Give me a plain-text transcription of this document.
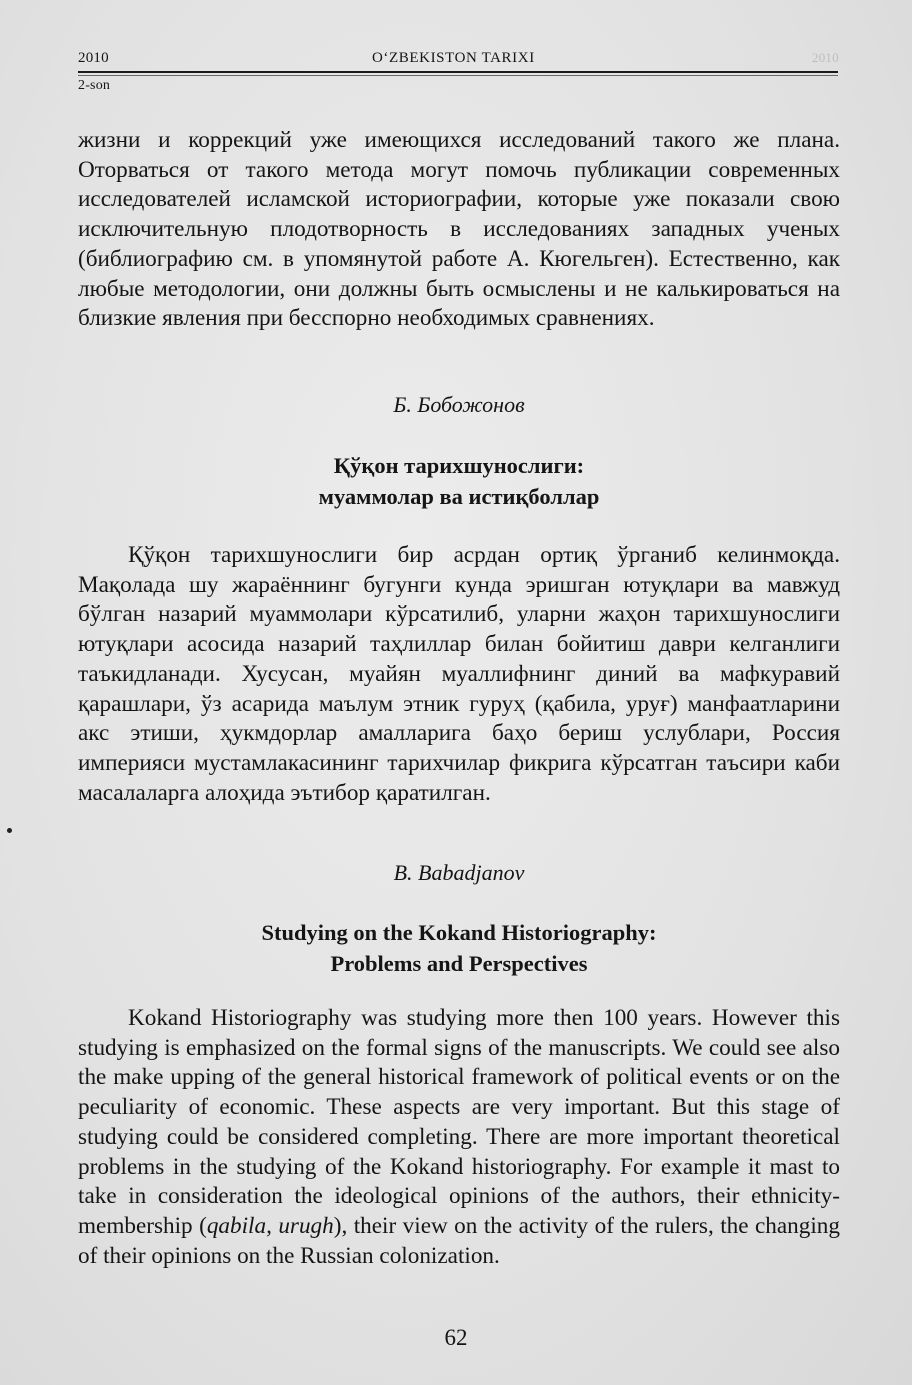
2010	O‘ZBEKISTON TARIXI	2010
2-son

жизни и коррекций уже имеющихся исследований такого же плана. Оторваться от такого метода могут помочь публикации современных исследователей исламской историографии, которые уже показали свою исключительную плодотворность в исследованиях западных ученых (библиографию см. в упомянутой работе А. Кюгельген). Естественно, как любые методологии, они должны быть осмыслены и не калькироваться на близкие явления при бесспорно необходимых сравнениях.

Б. Бобожонов

Қўқон тарихшунослиги:
муаммолар ва истиқболлар

Қўқон тарихшунослиги бир асрдан ортиқ ўрганиб келинмоқда. Мақолада шу жараённинг бугунги кунда эришган ютуқлари ва мавжуд бўлган назарий муаммолари кўрсатилиб, уларни жаҳон тарихшунослиги ютуқлари асосида назарий таҳлиллар билан бойитиш даври келганлиги таъкидланади. Хусусан, муайян муаллифнинг диний ва мафкуравий қарашлари, ўз асарида маълум этник гуруҳ (қабила, уруғ) манфаатларини акс этиши, ҳукмдорлар амалларига баҳо бериш услублари, Россия империяси мустамлакасининг тарихчилар фикрига кўрсатган таъсири каби масалаларга алоҳида эътибор қаратилган.

B. Babadjanov

Studying on the Kokand Historiography:
Problems and Perspectives

Kokand Historiography was studying more then 100 years. However this studying is emphasized on the formal signs of the manuscripts. We could see also the make upping of the general historical framework of political events or on the peculiarity of economic. These aspects are very important. But this stage of studying could be considered completing. There are more important theoretical problems in the studying of the Kokand historiography. For example it mast to take in consideration the ideological opinions of the authors, their ethnicity-membership (qabila, urugh), their view on the activity of the rulers, the changing of their opinions on the Russian colonization.

62
